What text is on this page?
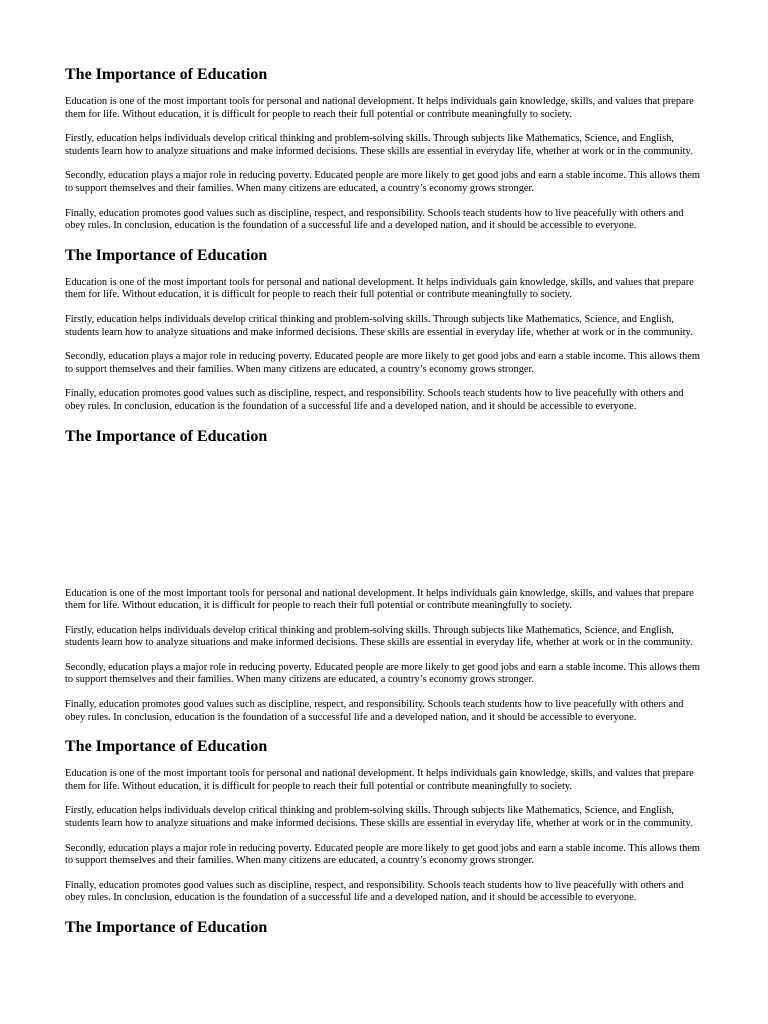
The Importance of Education

Education is one of the most important tools for personal and national development. It helps individuals gain knowledge, skills, and values that prepare them for life. Without education, it is difficult for people to reach their full potential or contribute meaningfully to society.

Firstly, education helps individuals develop critical thinking and problem-solving skills. Through subjects like Mathematics, Science, and English, students learn how to analyze situations and make informed decisions. These skills are essential in everyday life, whether at work or in the community.

Secondly, education plays a major role in reducing poverty. Educated people are more likely to get good jobs and earn a stable income. This allows them to support themselves and their families. When many citizens are educated, a country’s economy grows stronger.

Finally, education promotes good values such as discipline, respect, and responsibility. Schools teach students how to live peacefully with others and obey rules. In conclusion, education is the foundation of a successful life and a developed nation, and it should be accessible to everyone.

The Importance of Education

Education is one of the most important tools for personal and national development. It helps individuals gain knowledge, skills, and values that prepare them for life. Without education, it is difficult for people to reach their full potential or contribute meaningfully to society.

Firstly, education helps individuals develop critical thinking and problem-solving skills. Through subjects like Mathematics, Science, and English, students learn how to analyze situations and make informed decisions. These skills are essential in everyday life, whether at work or in the community.

Secondly, education plays a major role in reducing poverty. Educated people are more likely to get good jobs and earn a stable income. This allows them to support themselves and their families. When many citizens are educated, a country’s economy grows stronger.

Finally, education promotes good values such as discipline, respect, and responsibility. Schools teach students how to live peacefully with others and obey rules. In conclusion, education is the foundation of a successful life and a developed nation, and it should be accessible to everyone.

The Importance of Education

Education is one of the most important tools for personal and national development. It helps individuals gain knowledge, skills, and values that prepare them for life. Without education, it is difficult for people to reach their full potential or contribute meaningfully to society.

Firstly, education helps individuals develop critical thinking and problem-solving skills. Through subjects like Mathematics, Science, and English, students learn how to analyze situations and make informed decisions. These skills are essential in everyday life, whether at work or in the community.

Secondly, education plays a major role in reducing poverty. Educated people are more likely to get good jobs and earn a stable income. This allows them to support themselves and their families. When many citizens are educated, a country’s economy grows stronger.

Finally, education promotes good values such as discipline, respect, and responsibility. Schools teach students how to live peacefully with others and obey rules. In conclusion, education is the foundation of a successful life and a developed nation, and it should be accessible to everyone.

The Importance of Education

Education is one of the most important tools for personal and national development. It helps individuals gain knowledge, skills, and values that prepare them for life. Without education, it is difficult for people to reach their full potential or contribute meaningfully to society.

Firstly, education helps individuals develop critical thinking and problem-solving skills. Through subjects like Mathematics, Science, and English, students learn how to analyze situations and make informed decisions. These skills are essential in everyday life, whether at work or in the community.

Secondly, education plays a major role in reducing poverty. Educated people are more likely to get good jobs and earn a stable income. This allows them to support themselves and their families. When many citizens are educated, a country’s economy grows stronger.

Finally, education promotes good values such as discipline, respect, and responsibility. Schools teach students how to live peacefully with others and obey rules. In conclusion, education is the foundation of a successful life and a developed nation, and it should be accessible to everyone.

The Importance of Education
